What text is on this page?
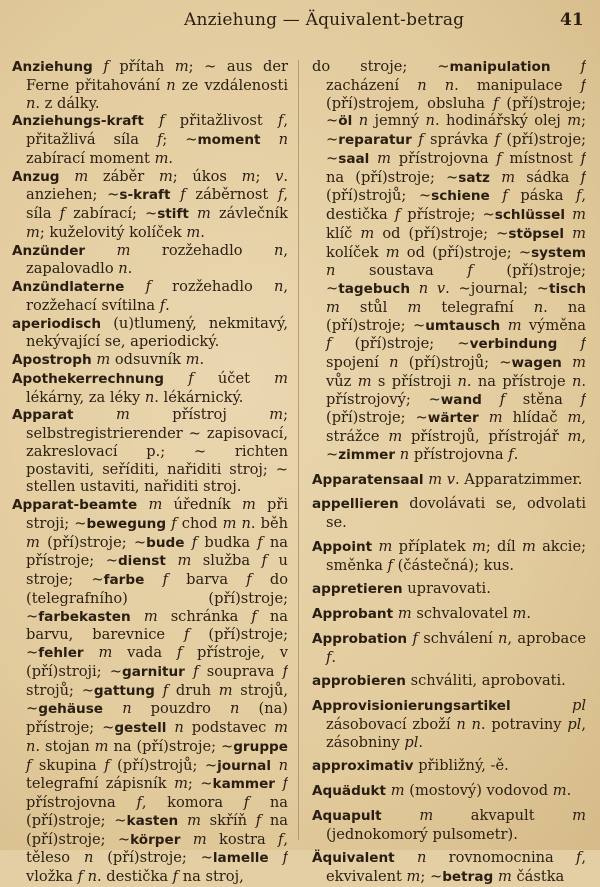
Anziehung — Äquivalent-betrag	41

Anziehung f přítah m; ~ aus der Ferne přitahování n ze vzdálenosti n. z dálky.

Anziehungs-kraft f přitažlivost f, přitažlivá síla f; ~moment n zabírací moment m.

Anzug m záběr m; úkos m; v. anziehen; ~s-kraft f záběrnost f, síla f zabírací; ~stift m závlečník m; kuželovitý kolíček m.

Anzünder m rozžehadlo n, zapalovadlo n.

Anzündlaterne f rozžehadlo n, rozžehací svítilna f.

aperiodisch (u)tlumený, nekmitavý, nekývající se, aperiodický.

Apostroph m odsuvník m.

Apothekerrechnung f účet m lékárny, za léky n. lékárnický.

Apparat m přístroj m; selbstregistrierender ~ zapisovací, zakreslovací p.; ~ richten postaviti, seříditi, nařiditi stroj; ~ stellen ustaviti, nařiditi stroj.

Apparat-beamte m úředník m při stroji; ~bewegung f chod m n. běh m (pří)stroje; ~bude f budka f na přístroje; ~dienst m služba f u stroje; ~farbe f barva f do (telegrafního) (pří)stroje; ~farbekasten m schránka f na barvu, barevnice f (pří)stroje; ~fehler m vada f přístroje, v (pří)stroji; ~garnitur f souprava f strojů; ~gattung f druh m strojů, ~gehäuse n pouzdro n (na) přístroje; ~gestell n podstavec m n. stojan m na (pří)stroje; ~gruppe f skupina f (pří)strojů; ~journal n telegrafní zápisník m; ~kammer f přístrojovna f, komora f na (pří)stroje; ~kasten m skříň f na (pří)stroje; ~körper m kostra f, těleso n (pří)stroje; ~lamelle f vložka f n. destička f na stroj,

do stroje; ~manipulation f zacházení n n. manipulace f (pří)strojem, obsluha f (pří)stroje; ~öl n jemný n. hodinářský olej m; ~reparatur f správka f (pří)stroje; ~saal m přístrojovna f místnost f na (pří)stroje; ~satz m sádka f (pří)strojů; ~schiene f páska f, destička f přístroje; ~schlüssel m klíč m od (pří)stroje; ~stöpsel m kolíček m od (pří)stroje; ~system n soustava f (pří)stroje; ~tagebuch n v. ~journal; ~tisch m stůl m telegrafní n. na (pří)stroje; ~umtausch m výměna f (pří)stroje; ~verbindung f spojení n (pří)strojů; ~wagen m vůz m s přístroji n. na přístroje n. přístrojový; ~wand f stěna f (pří)stroje; ~wärter m hlídač m, strážce m přístrojů, přístrojář m, ~zimmer n přístrojovna f.

Apparatensaal m v. Apparatzimmer.

appellieren dovolávati se, odvolati se.

Appoint m příplatek m; díl m akcie; směnka f (částečná); kus.

appretieren upravovati.

Approbant m schvalovatel m.

Approbation f schválení n, aprobace f.

approbieren schváliti, aprobovati.

Approvisionierungsartikel pl zásobovací zboží n n. potraviny pl, zásobniny pl.

approximativ přibližný, -ě.

Aquädukt m (mostový) vodovod m.

Aquapult m akvapult m (jednokomorý pulsometr).

Äquivalent n rovnomocnina f, ekvivalent m; ~betrag m částka
